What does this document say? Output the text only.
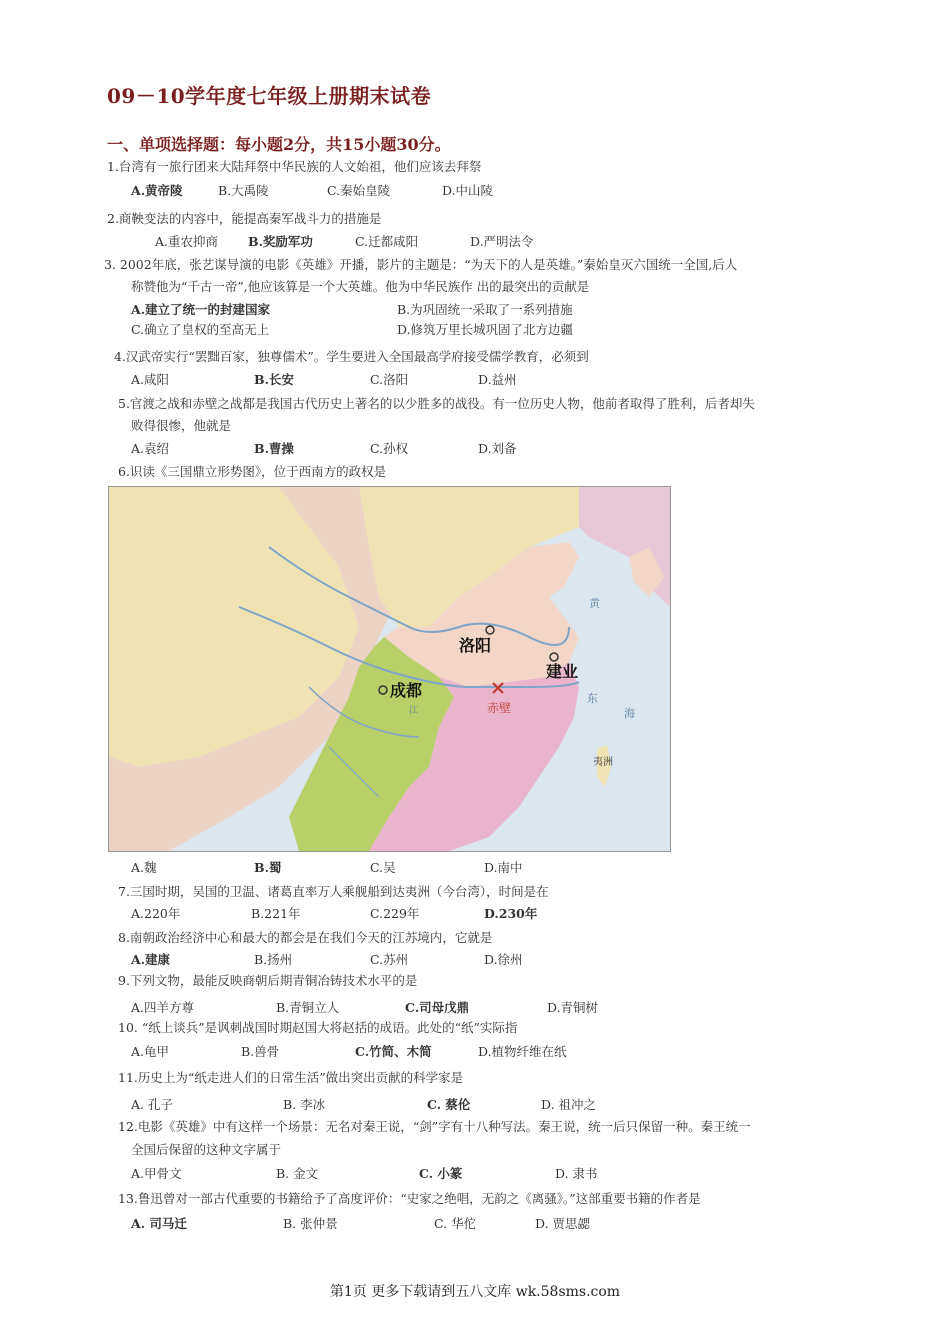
09－10学年度七年级上册期末试卷
一、单项选择题：每小题2分，共15小题30分。
1.台湾有一旅行团来大陆拜祭中华民族的人文始祖，他们应该去拜祭
A.黄帝陵	B.大禹陵	C.秦始皇陵	D.中山陵
2.商鞅变法的内容中，能提高秦军战斗力的措施是
A.重农抑商 B.奖励军功	C.迁都咸阳	D.严明法令
3. 2002年底，张艺谋导演的电影《英雄》开播，影片的主题是：“为天下的人是英雄。”秦始皇灭六国统一全国,后人
称赞他为“千古一帝”,他应该算是一个大英雄。他为中华民族作 出的最突出的贡献是
A.建立了统一的封建国家	B.为巩固统一采取了一系列措施
C.确立了皇权的至高无上	D.修筑万里长城巩固了北方边疆
4.汉武帝实行“罢黜百家，独尊儒术”。学生要进入全国最高学府接受儒学教育，必须到
A.咸阳	B.长安	C.洛阳	D.益州
5.官渡之战和赤壁之战都是我国古代历史上著名的以少胜多的战役。有一位历史人物，他前者取得了胜利，后者却失
败得很惨，他就是
A.袁绍	B.曹操	C.孙权	D.刘备
6.识读《三国鼎立形势图》，位于西南方的政权是
洛阳
成都
建业
赤壁
夷洲
黄
东
海
江
A.魏	B.蜀	C.吴	D.南中
7.三国时期，吴国的卫温、诸葛直率万人乘舰船到达夷洲（今台湾），时间是在
A.220年	B.221年	C.229年	D.230年
8.南朝政治经济中心和最大的都会是在我们今天的江苏境内，它就是
A.建康	B.扬州	C.苏州	D.徐州
9.下列文物，最能反映商朝后期青铜冶铸技术水平的是
A.四羊方尊	B.青铜立人	C.司母戊鼎	D.青铜树
10. “纸上谈兵”是讽刺战国时期赵国大将赵括的成语。此处的“纸”实际指
A.龟甲	B.兽骨	C.竹简、木简	D.植物纤维在纸
11.历史上为“纸走进人们的日常生活”做出突出贡献的科学家是
A. 孔子	B. 李冰	C. 蔡伦	D. 祖冲之
12.电影《英雄》中有这样一个场景：无名对秦王说，“剑”字有十八种写法。秦王说，统一后只保留一种。秦王统一
全国后保留的这种文字属于
A.甲骨文	B. 金文	C. 小篆	D. 隶书
13.鲁迅曾对一部古代重要的书籍给予了高度评价：“史家之绝唱，无韵之《离骚》。”这部重要书籍的作者是
A. 司马迁	B. 张仲景	C. 华佗	D. 贾思勰
第1页 更多下载请到五八文库 wk.58sms.com
